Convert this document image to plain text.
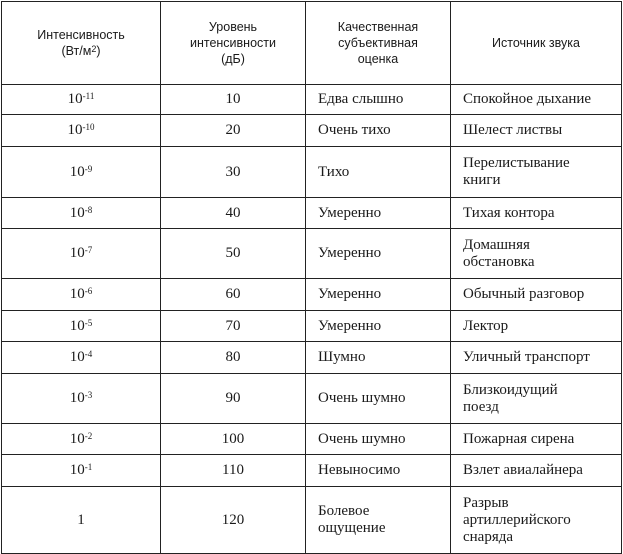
Интенсивность
$(Вт/м^2)$	Уровень интенсивности (дБ)	Качественная субъективная оценка	Источник звука
$10^{-11}$	10	Едва слышно	Спокойное дыхание
$10^{-10}$	20	Очень тихо	Шелест листвы
$10^{-9}$	30	Тихо	Перелистывание книги
$10^{-8}$	40	Умеренно	Тихая контора
$10^{-7}$	50	Умеренно	Домашняя обстановка
$10^{-6}$	60	Умеренно	Обычный разговор
$10^{-5}$	70	Умеренно	Лектор
$10^{-4}$	80	Шумно	Уличный транспорт
$10^{-3}$	90	Очень шумно	Близкоидущий поезд
$10^{-2}$	100	Очень шумно	Пожарная сирена
$10^{-1}$	110	Невыносимо	Взлет авиалайнера
1	120	Болевое ощущение	Разрыв артиллерийского снаряда
